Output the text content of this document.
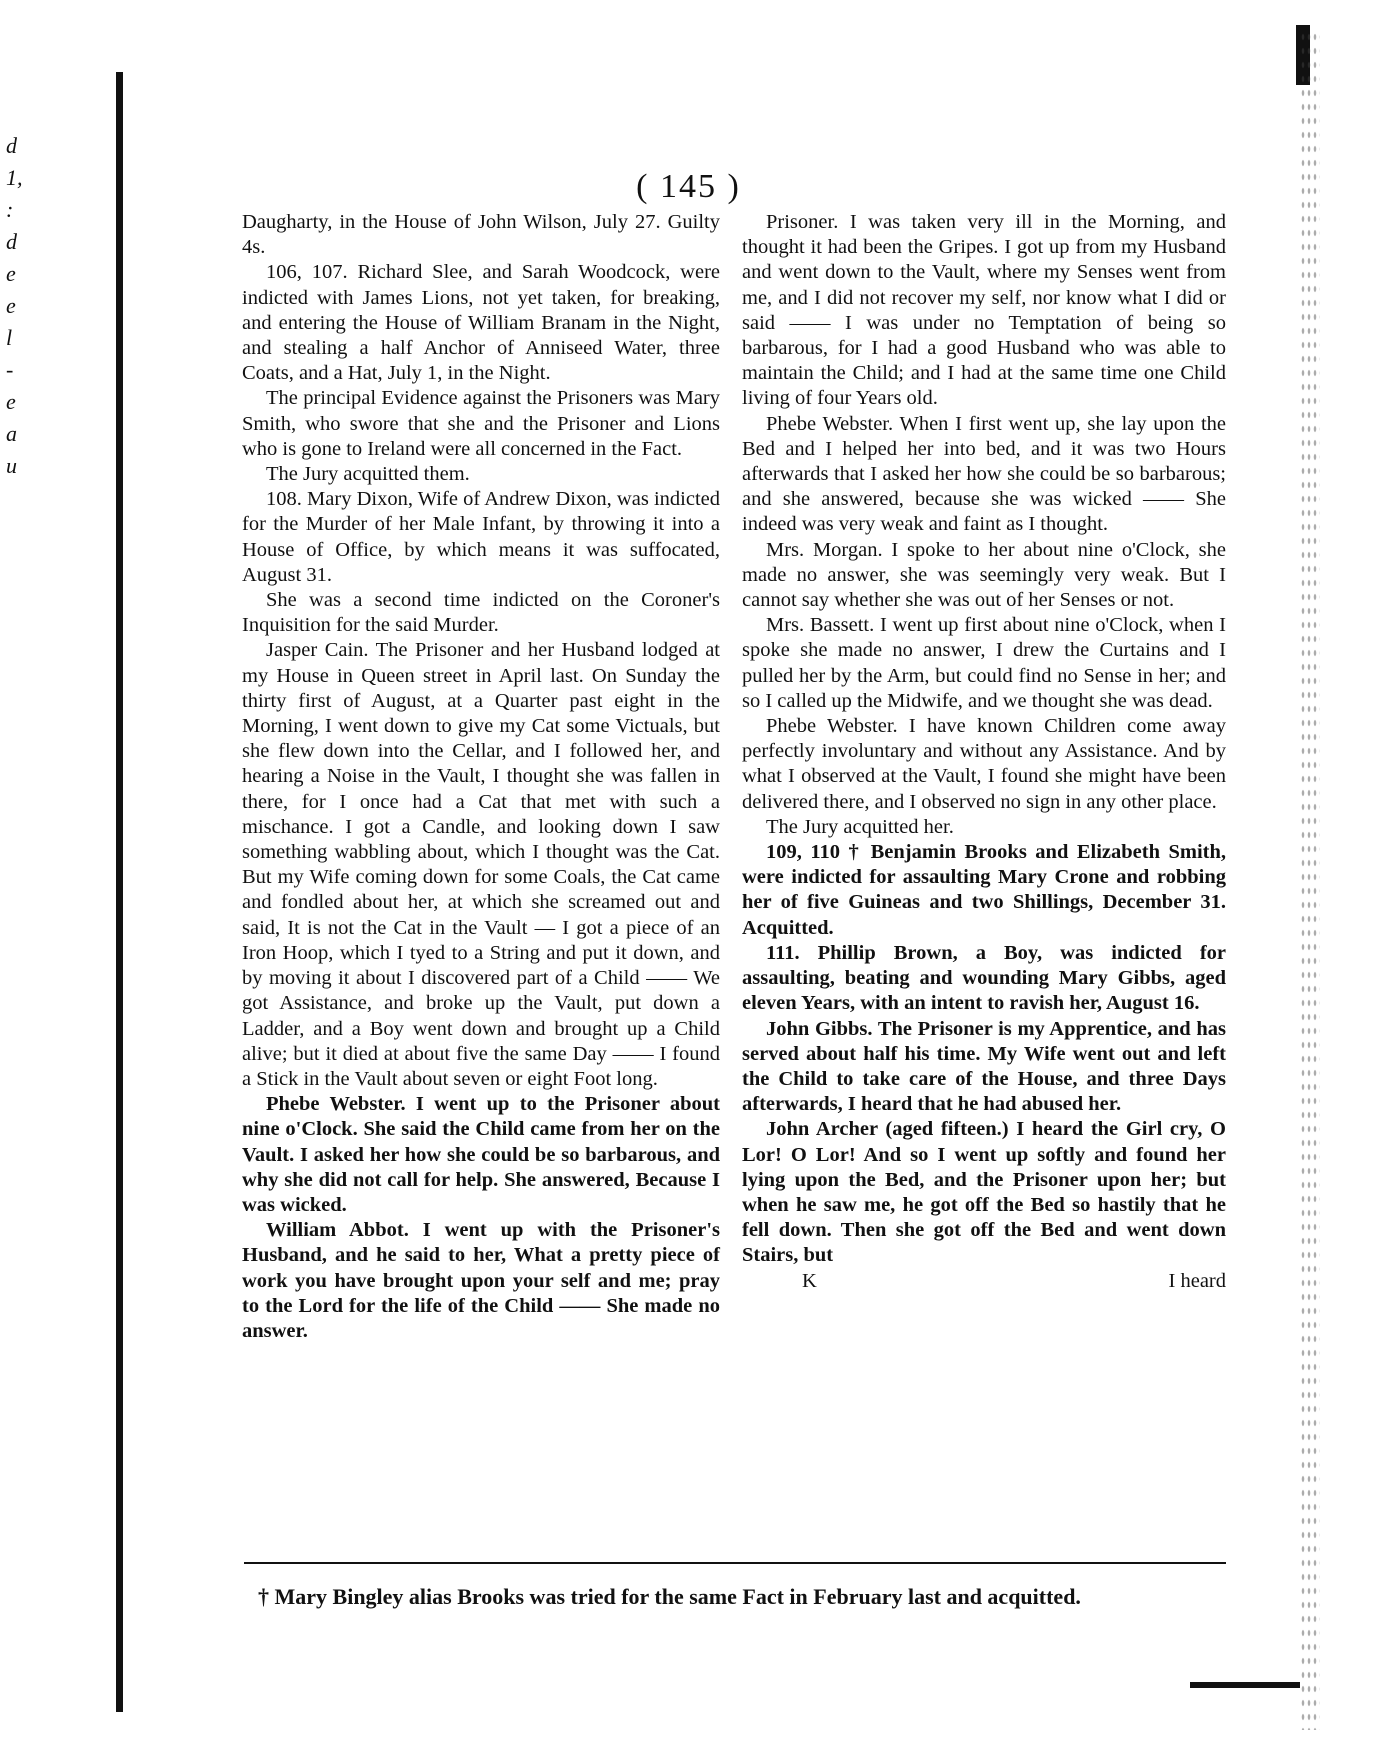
d
1,
:
d
e
e
l
-
e
a
u
( 145 )

Daugharty, in the House of John Wilson, July 27. Guilty 4s.

106, 107. Richard Slee, and Sarah Woodcock, were indicted with James Lions, not yet taken, for breaking, and entering the House of William Branam in the Night, and stealing a half Anchor of Anniseed Water, three Coats, and a Hat, July 1, in the Night.

The principal Evidence against the Prisoners was Mary Smith, who swore that she and the Prisoner and Lions who is gone to Ireland were all concerned in the Fact.

The Jury acquitted them.

108. Mary Dixon, Wife of Andrew Dixon, was indicted for the Murder of her Male Infant, by throwing it into a House of Office, by which means it was suffocated, August 31.

She was a second time indicted on the Coroner's Inquisition for the said Murder.

Jasper Cain. The Prisoner and her Husband lodged at my House in Queen street in April last. On Sunday the thirty first of August, at a Quarter past eight in the Morning, I went down to give my Cat some Victuals, but she flew down into the Cellar, and I followed her, and hearing a Noise in the Vault, I thought she was fallen in there, for I once had a Cat that met with such a mischance. I got a Candle, and looking down I saw something wabbling about, which I thought was the Cat. But my Wife coming down for some Coals, the Cat came and fondled about her, at which she screamed out and said, It is not the Cat in the Vault — I got a piece of an Iron Hoop, which I tyed to a String and put it down, and by moving it about I discovered part of a Child —— We got Assistance, and broke up the Vault, put down a Ladder, and a Boy went down and brought up a Child alive; but it died at about five the same Day —— I found a Stick in the Vault about seven or eight Foot long.

Phebe Webster. I went up to the Prisoner about nine o'Clock. She said the Child came from her on the Vault. I asked her how she could be so barbarous, and why she did not call for help. She answered, Because I was wicked.

William Abbot. I went up with the Prisoner's Husband, and he said to her, What a pretty piece of work you have brought upon your self and me; pray to the Lord for the life of the Child —— She made no answer.

Prisoner. I was taken very ill in the Morning, and thought it had been the Gripes. I got up from my Husband and went down to the Vault, where my Senses went from me, and I did not recover my self, nor know what I did or said —— I was under no Temptation of being so barbarous, for I had a good Husband who was able to maintain the Child; and I had at the same time one Child living of four Years old.

Phebe Webster. When I first went up, she lay upon the Bed and I helped her into bed, and it was two Hours afterwards that I asked her how she could be so barbarous; and she answered, because she was wicked —— She indeed was very weak and faint as I thought.

Mrs. Morgan. I spoke to her about nine o'Clock, she made no answer, she was seemingly very weak. But I cannot say whether she was out of her Senses or not.

Mrs. Bassett. I went up first about nine o'Clock, when I spoke she made no answer, I drew the Curtains and I pulled her by the Arm, but could find no Sense in her; and so I called up the Midwife, and we thought she was dead.

Phebe Webster. I have known Children come away perfectly involuntary and without any Assistance. And by what I observed at the Vault, I found she might have been delivered there, and I observed no sign in any other place.

The Jury acquitted her.

109, 110 † Benjamin Brooks and Elizabeth Smith, were indicted for assaulting Mary Crone and robbing her of five Guineas and two Shillings, December 31. Acquitted.

111. Phillip Brown, a Boy, was indicted for assaulting, beating and wounding Mary Gibbs, aged eleven Years, with an intent to ravish her, August 16.

John Gibbs. The Prisoner is my Apprentice, and has served about half his time. My Wife went out and left the Child to take care of the House, and three Days afterwards, I heard that he had abused her.

John Archer (aged fifteen.) I heard the Girl cry, O Lor! O Lor! And so I went up softly and found her lying upon the Bed, and the Prisoner upon her; but when he saw me, he got off the Bed so hastily that he fell down. Then she got off the Bed and went down Stairs, but

K	I heard
† Mary Bingley alias Brooks was tried for the same Fact in February last and acquitted.
